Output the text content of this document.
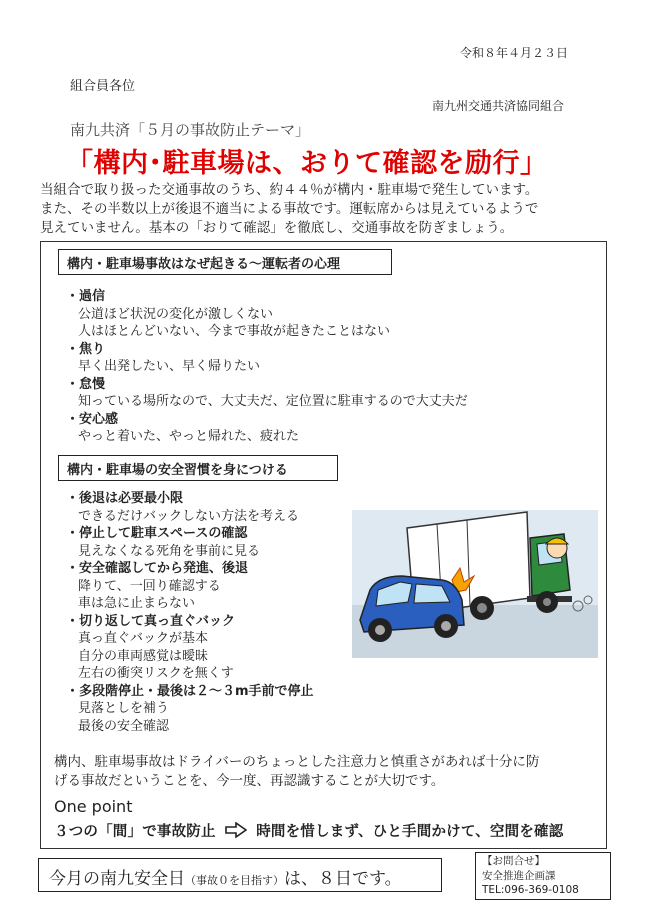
令和８年４月２３日
組合員各位
南九州交通共済協同組合
南九共済「５月の事故防止テーマ」
「構内･駐車場は、おりて確認を励行」
当組合で取り扱った交通事故のうち、約４４％が構内・駐車場で発生しています。
また、その半数以上が後退不適当による事故です。運転席からは見えているようで
見えていません。基本の「おりて確認」を徹底し、交通事故を防ぎましょう。
構内・駐車場事故はなぜ起きる〜運転者の心理
・過信
公道ほど状況の変化が激しくない
人はほとんどいない、今まで事故が起きたことはない
・焦り
早く出発したい、早く帰りたい
・怠慢
知っている場所なので、大丈夫だ、定位置に駐車するので大丈夫だ
・安心感
やっと着いた、やっと帰れた、疲れた
構内・駐車場の安全習慣を身につける
・後退は必要最小限
できるだけバックしない方法を考える
・停止して駐車スペースの確認
見えなくなる死角を事前に見る
・安全確認してから発進、後退
降りて、一回り確認する
車は急に止まらない
・切り返して真っ直ぐバック
真っ直ぐバックが基本
自分の車両感覚は曖昧
左右の衝突リスクを無くす
・多段階停止・最後は２〜３m手前で停止
見落としを補う
最後の安全確認
構内、駐車場事故はドライバーのちょっとした注意力と慎重さがあれば十分に防
げる事故だということを、今一度、再認識することが大切です。
One point
３つの「間」で事故防止	時間を惜しまず、ひと手間かけて、空間を確認
今月の南九安全日（事故０を目指す）は、８日です。
【お問合せ】
安全推進企画課
TEL:096-369-0108
